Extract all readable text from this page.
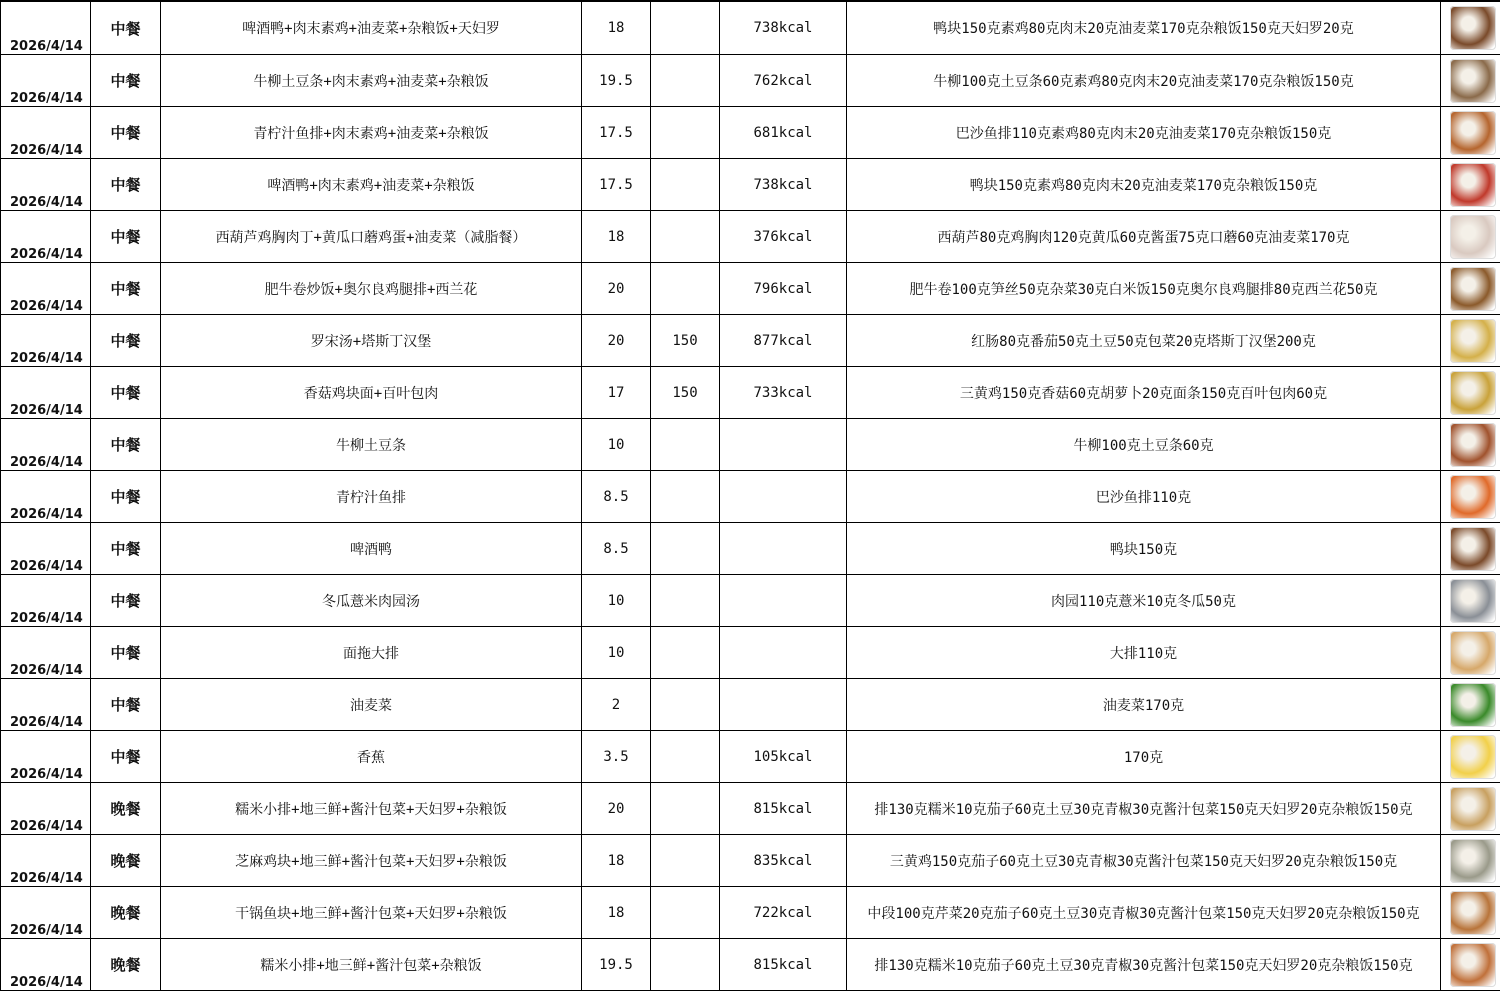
2026/4/14	中餐	啤酒鸭+肉末素鸡+油麦菜+杂粮饭+天妇罗	18		738kcal	鸭块150克素鸡80克肉末20克油麦菜170克杂粮饭150克天妇罗20克	
2026/4/14	中餐	牛柳土豆条+肉末素鸡+油麦菜+杂粮饭	19.5		762kcal	牛柳100克土豆条60克素鸡80克肉末20克油麦菜170克杂粮饭150克	
2026/4/14	中餐	青柠汁鱼排+肉末素鸡+油麦菜+杂粮饭	17.5		681kcal	巴沙鱼排110克素鸡80克肉末20克油麦菜170克杂粮饭150克	
2026/4/14	中餐	啤酒鸭+肉末素鸡+油麦菜+杂粮饭	17.5		738kcal	鸭块150克素鸡80克肉末20克油麦菜170克杂粮饭150克	
2026/4/14	中餐	西葫芦鸡胸肉丁+黄瓜口蘑鸡蛋+油麦菜（减脂餐）	18		376kcal	西葫芦80克鸡胸肉120克黄瓜60克酱蛋75克口蘑60克油麦菜170克	
2026/4/14	中餐	肥牛卷炒饭+奥尔良鸡腿排+西兰花	20		796kcal	肥牛卷100克笋丝50克杂菜30克白米饭150克奥尔良鸡腿排80克西兰花50克	
2026/4/14	中餐	罗宋汤+塔斯丁汉堡	20	150	877kcal	红肠80克番茄50克土豆50克包菜20克塔斯丁汉堡200克	
2026/4/14	中餐	香菇鸡块面+百叶包肉	17	150	733kcal	三黄鸡150克香菇60克胡萝卜20克面条150克百叶包肉60克	
2026/4/14	中餐	牛柳土豆条	10			牛柳100克土豆条60克	
2026/4/14	中餐	青柠汁鱼排	8.5			巴沙鱼排110克	
2026/4/14	中餐	啤酒鸭	8.5			鸭块150克	
2026/4/14	中餐	冬瓜薏米肉园汤	10			肉园110克薏米10克冬瓜50克	
2026/4/14	中餐	面拖大排	10			大排110克	
2026/4/14	中餐	油麦菜	2			油麦菜170克	
2026/4/14	中餐	香蕉	3.5		105kcal	170克	
2026/4/14	晚餐	糯米小排+地三鲜+酱汁包菜+天妇罗+杂粮饭	20		815kcal	排130克糯米10克茄子60克土豆30克青椒30克酱汁包菜150克天妇罗20克杂粮饭150克	
2026/4/14	晚餐	芝麻鸡块+地三鲜+酱汁包菜+天妇罗+杂粮饭	18		835kcal	三黄鸡150克茄子60克土豆30克青椒30克酱汁包菜150克天妇罗20克杂粮饭150克	
2026/4/14	晚餐	干锅鱼块+地三鲜+酱汁包菜+天妇罗+杂粮饭	18		722kcal	中段100克芹菜20克茄子60克土豆30克青椒30克酱汁包菜150克天妇罗20克杂粮饭150克	
2026/4/14	晚餐	糯米小排+地三鲜+酱汁包菜+杂粮饭	19.5		815kcal	排130克糯米10克茄子60克土豆30克青椒30克酱汁包菜150克天妇罗20克杂粮饭150克	
